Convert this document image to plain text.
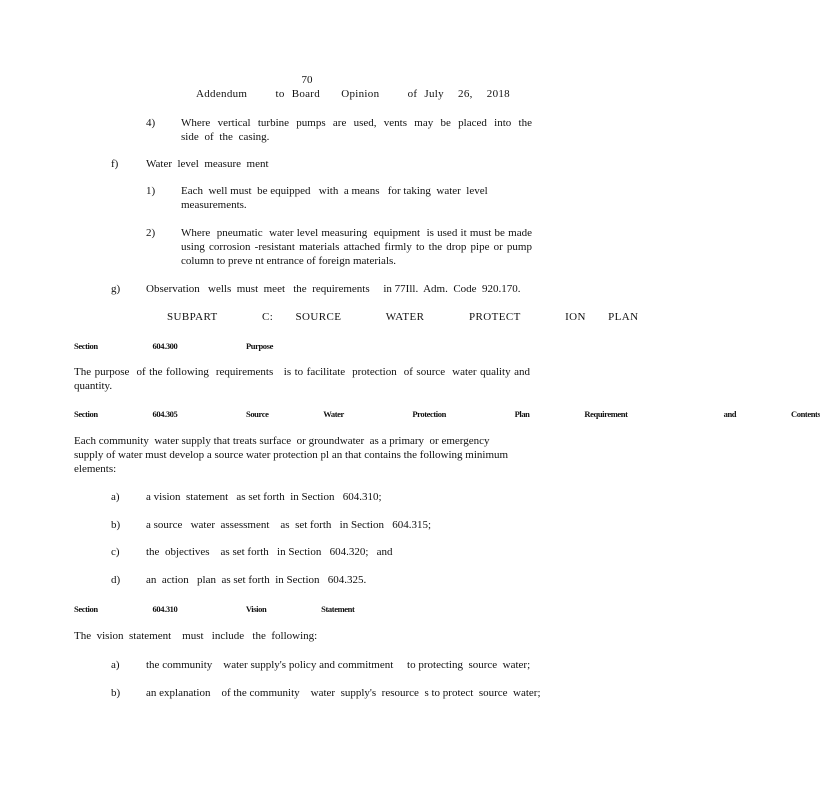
70
Addendum    to Board   Opinion    of July  26,  2018
4) Where vertical turbine pumps are used, vents may be placed into the side of the casing.
f)	Water  level  measure  ment
1) Each  well must  be equipped   with  a means   for taking  water  level measurements.
2) Where  pneumatic  water level measuring  equipment  is used it must be made using corrosion -resistant materials attached firmly to the drop pipe or pump column to preve nt entrance of foreign materials.
g) Observation   wells  must  meet   the  requirements     in 77Ill.  Adm.  Code  920.170.
SUBPART    C:  SOURCE    WATER    PROTECT    ION  PLAN
Section    604.300     Purpose
The purpose  of the following  requirements   is to facilitate  protection  of source  water quality and quantity.
Section    604.305     Source    Water     Protection     Plan    Requirement       and    Contents
Each community  water supply that treats surface  or groundwater  as a primary  or emergency supply of water must develop a source water protection pl an that contains the following minimum  elements:
a) a vision  statement   as set forth  in Section   604.310;
b) a source   water  assessment    as  set forth   in Section   604.315;
c) the  objectives    as set forth   in Section   604.320;   and
d) an  action   plan  as set forth  in Section   604.325.
Section    604.310     Vision    Statement
The  vision  statement    must   include   the  following:
a) the community    water supply's policy and commitment     to protecting  source  water;
b) an explanation    of the community    water  supply's  resource  s to protect  source  water;
